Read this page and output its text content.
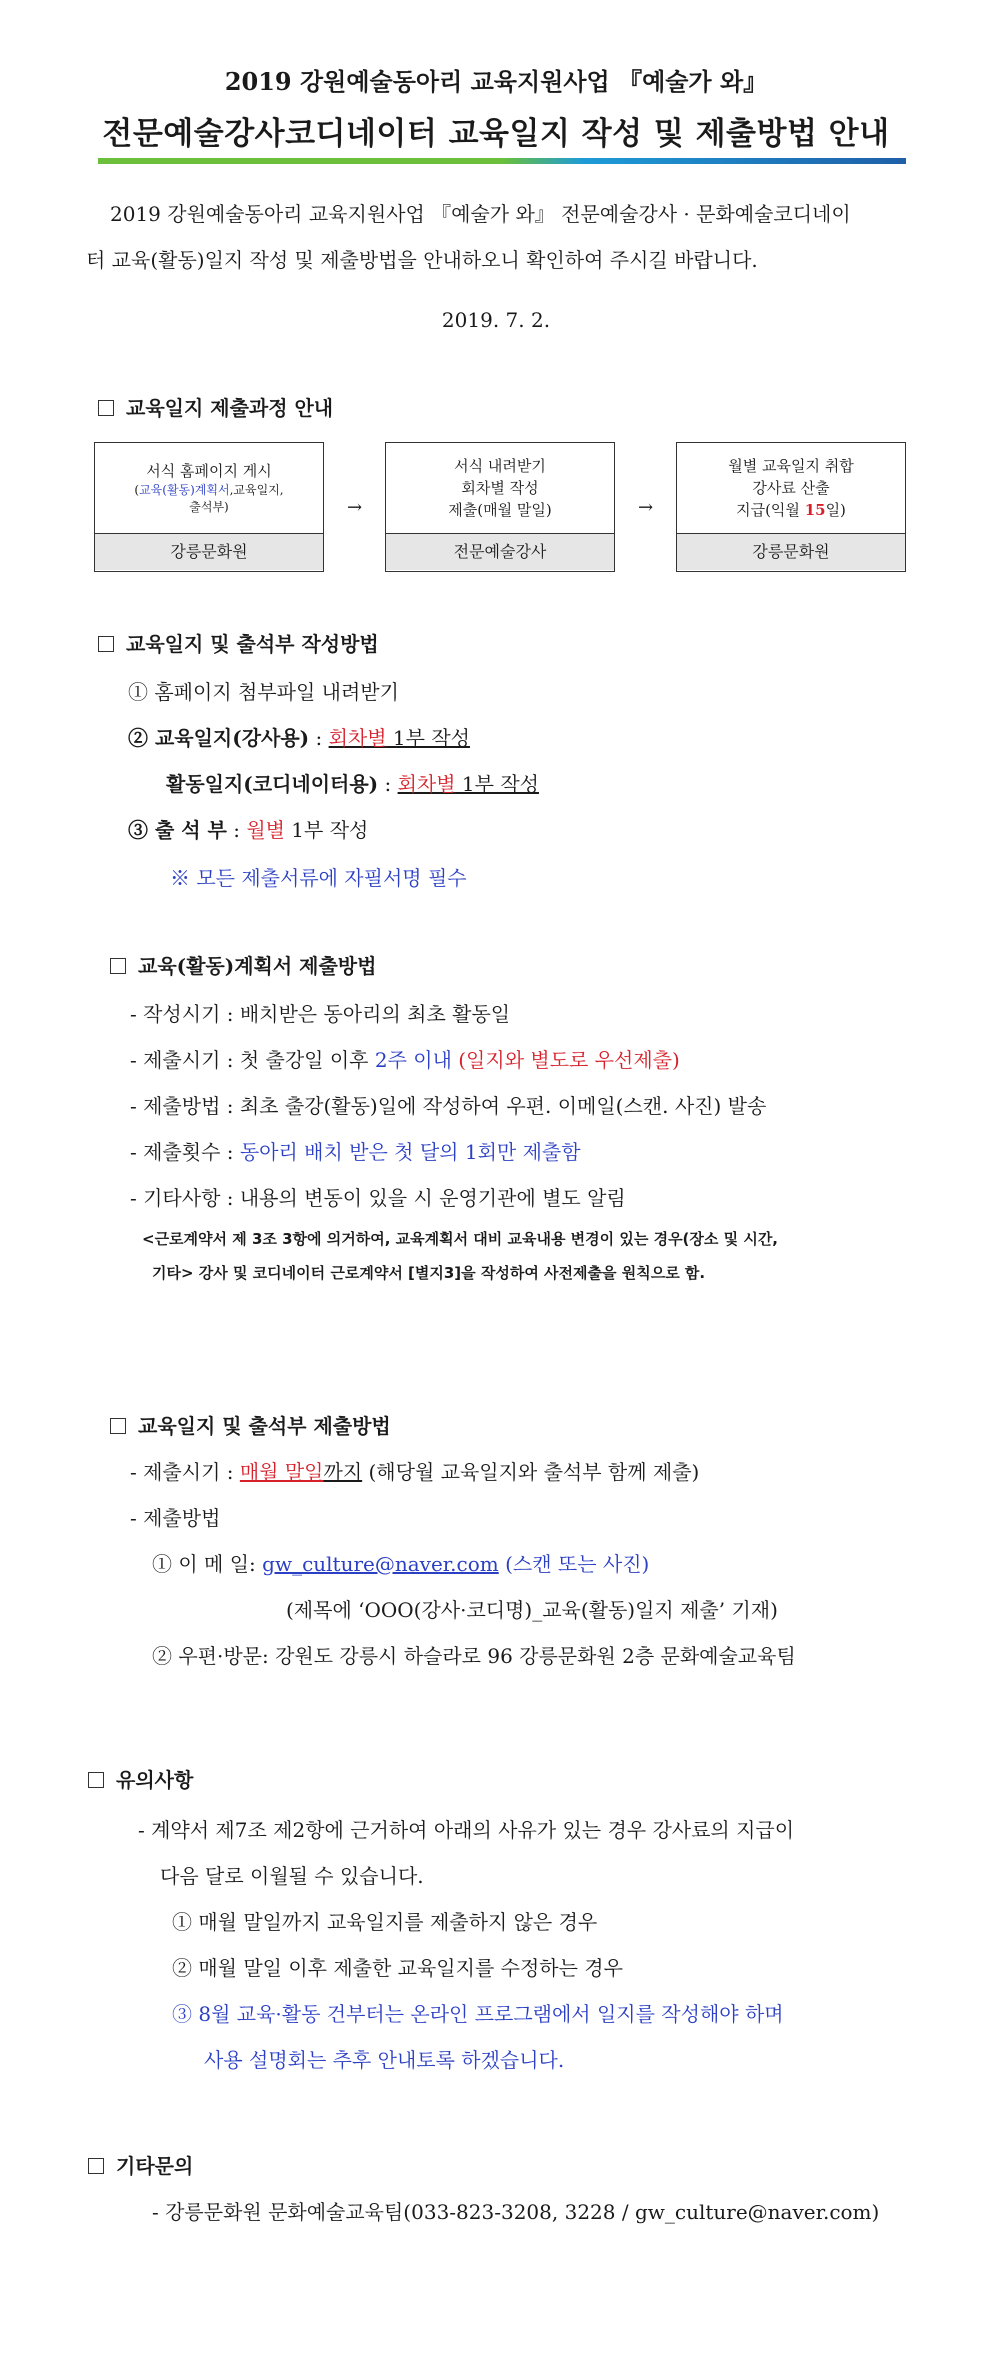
2019 강원예술동아리 교육지원사업 『예술가 와』
전문예술강사코디네이터 교육일지 작성 및 제출방법 안내
2019 강원예술동아리 교육지원사업 『예술가 와』 전문예술강사 · 문화예술코디네이
터 교육(활동)일지 작성 및 제출방법을 안내하오니 확인하여 주시길 바랍니다.
2019. 7. 2.
교육일지 제출과정 안내
서식 홈페이지 게시
(교육(활동)계획서,교육일지,
출석부)
강릉문화원
→
서식 내려받기
회차별 작성
제출(매월 말일)
전문예술강사
→
월별 교육일지 취합
강사료 산출
지급(익월 15일)
강릉문화원
교육일지 및 출석부 작성방법
① 홈페이지 첨부파일 내려받기
② 교육일지(강사용) : 회차별 1부 작성
활동일지(코디네이터용) : 회차별 1부 작성
③ 출 석 부 : 월별 1부 작성
※ 모든 제출서류에 자필서명 필수
교육(활동)계획서 제출방법
- 작성시기 : 배치받은 동아리의 최초 활동일
- 제출시기 : 첫 출강일 이후 2주 이내 (일지와 별도로 우선제출)
- 제출방법 : 최초 출강(활동)일에 작성하여 우편. 이메일(스캔. 사진) 발송
- 제출횟수 : 동아리 배치 받은 첫 달의 1회만 제출함
- 기타사항 : 내용의 변동이 있을 시 운영기관에 별도 알림
<근로계약서 제 3조 3항에 의거하여, 교육계획서 대비 교육내용 변경이 있는 경우(장소 및 시간,
기타> 강사 및 코디네이터 근로계약서 [별지3]을 작성하여 사전제출을 원칙으로 함.
교육일지 및 출석부 제출방법
- 제출시기 : 매월 말일까지 (해당월 교육일지와 출석부 함께 제출)
- 제출방법
① 이 메 일: gw_culture@naver.com (스캔 또는 사진)
(제목에 ‘OOO(강사·코디명)_교육(활동)일지 제출’ 기재)
② 우편·방문: 강원도 강릉시 하슬라로 96 강릉문화원 2층 문화예술교육팀
유의사항
- 계약서 제7조 제2항에 근거하여 아래의 사유가 있는 경우 강사료의 지급이
다음 달로 이월될 수 있습니다.
① 매월 말일까지 교육일지를 제출하지 않은 경우
② 매월 말일 이후 제출한 교육일지를 수정하는 경우
③ 8월 교육·활동 건부터는 온라인 프로그램에서 일지를 작성해야 하며
사용 설명회는 추후 안내토록 하겠습니다.
기타문의
- 강릉문화원 문화예술교육팀(033-823-3208, 3228 / gw_culture@naver.com)
